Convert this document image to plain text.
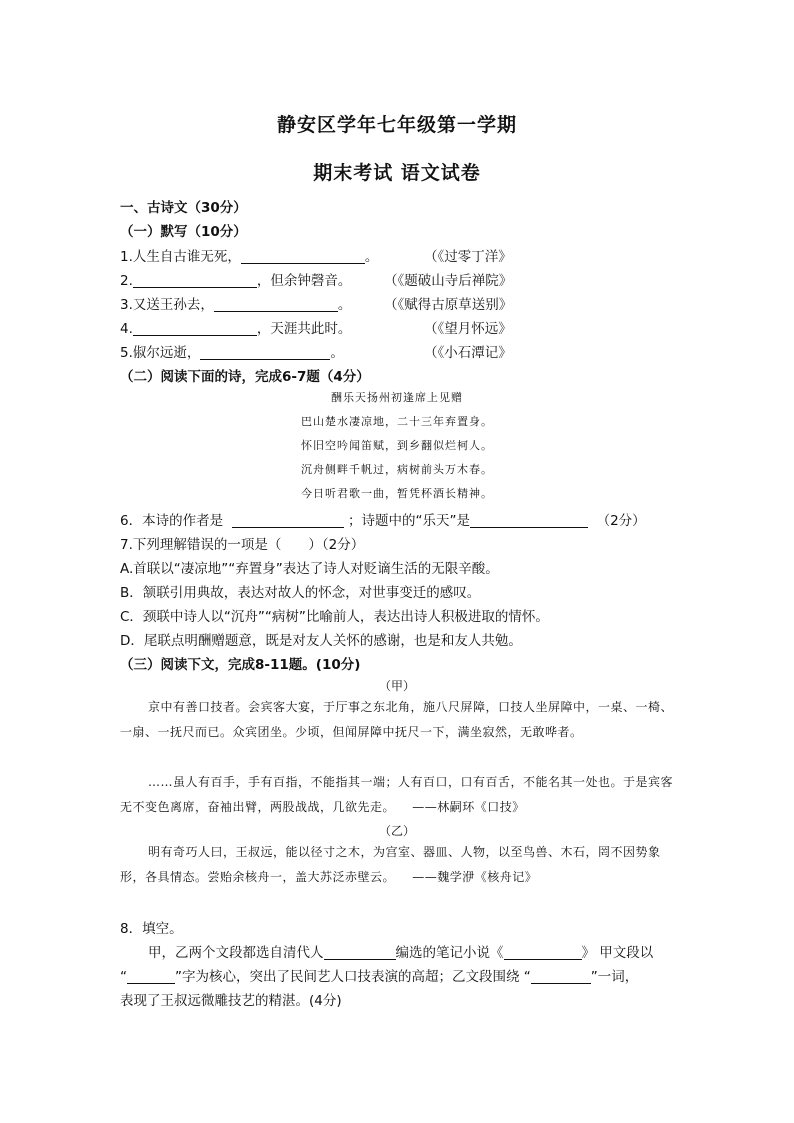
静安区学年七年级第一学期
期末考试 语文试卷
一、古诗文（30分）
（一）默写（10分）
1.人生自古谁无死，	。	（《过零丁洋》
2.	，但余钟磬音。 （《题破山寺后禅院》
3.又送王孙去，	。 （《赋得古原草送别》
4.	，天涯共此时。	（《望月怀远》
5.俶尔远逝，	。	（《小石潭记》
（二）阅读下面的诗，完成6-7题（4分）
酬乐天扬州初逢席上见赠
巴山楚水凄凉地，二十三年弃置身。
怀旧空吟闻笛赋，到乡翻似烂柯人。
沉舟侧畔千帆过，病树前头万木春。
今日听君歌一曲，暂凭杯酒长精神。
6．本诗的作者是	；诗题中的“乐天”是	（2分）
7.下列理解错误的一项是（　　）（2分）
A.首联以“凄凉地”“弃置身”表达了诗人对贬谪生活的无限辛酸。
B．颔联引用典故，表达对故人的怀念，对世事变迁的感叹。
C．颈联中诗人以“沉舟”“病树”比喻前人，表达出诗人积极进取的情怀。
D．尾联点明酬赠题意，既是对友人关怀的感谢，也是和友人共勉。
（三）阅读下文，完成8-11题。(10分)
（甲）
京中有善口技者。会宾客大宴，于厅事之东北角，施八尺屏障，口技人坐屏障中，一桌、一椅、一扇、一抚尺而已。众宾团坐。少顷，但闻屏障中抚尺一下，满坐寂然，无敢哗者。
……虽人有百手，手有百指，不能指其一端；人有百口，口有百舌，不能名其一处也。于是宾客无不变色离席，奋袖出臂，两股战战，几欲先走。 ——林嗣环《口技》
（乙）
明有奇巧人曰，王叔远，能以径寸之木，为宫室、器皿、人物，以至鸟兽、木石，罔不因势象形，各具情态。尝贻余核舟一，盖大苏泛赤壁云。 ——魏学洢《核舟记》
8．填空。
甲，乙两个文段都选自清代人	编选的笔记小说《	》 甲文段以
“	”字为核心，突出了民间艺人口技表演的高超；乙文段围绕 “	”一词，
表现了王叔远微雕技艺的精湛。(4分)
